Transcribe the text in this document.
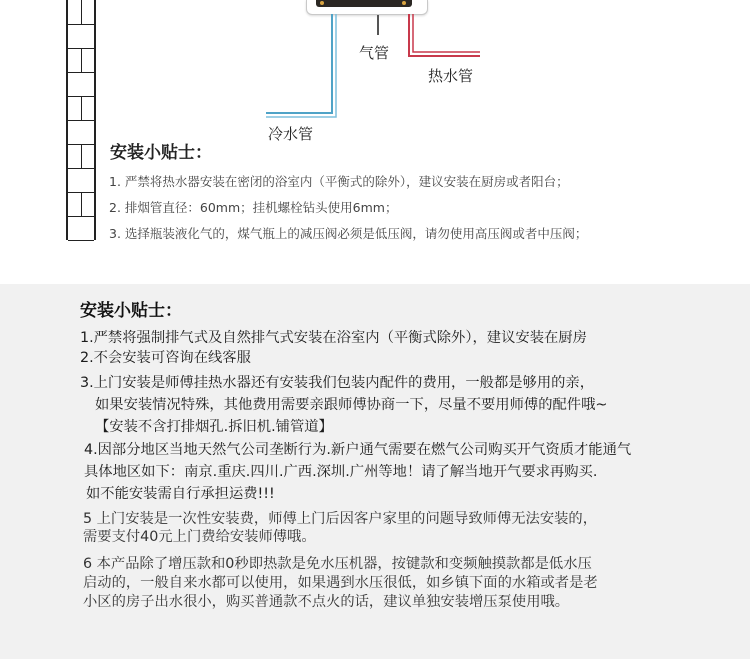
气管
热水管
冷水管
安装小贴士：
1. 严禁将热水器安装在密闭的浴室内（平衡式的除外），建议安装在厨房或者阳台；
2. 排烟管直径：60mm；挂机螺栓钻头使用6mm；
3. 选择瓶装液化气的，煤气瓶上的减压阀必须是低压阀，请勿使用高压阀或者中压阀；
安装小贴士：
1.严禁将强制排气式及自然排气式安装在浴室内（平衡式除外），建议安装在厨房
2.不会安装可咨询在线客服
3.上门安装是师傅挂热水器还有安装我们包装内配件的费用，一般都是够用的亲，
如果安装情况特殊，其他费用需要亲跟师傅协商一下，尽量不要用师傅的配件哦~
【安装不含打排烟孔.拆旧机.铺管道】
4.因部分地区当地天然气公司垄断行为.新户通气需要在燃气公司购买开气资质才能通气
具体地区如下：南京.重庆.四川.广西.深圳.广州等地！请了解当地开气要求再购买.
如不能安装需自行承担运费!!!
5 上门安装是一次性安装费，师傅上门后因客户家里的问题导致师傅无法安装的，
需要支付40元上门费给安装师傅哦。
6 本产品除了增压款和0秒即热款是免水压机器，按键款和变频触摸款都是低水压
启动的，一般自来水都可以使用，如果遇到水压很低，如乡镇下面的水箱或者是老
小区的房子出水很小，购买普通款不点火的话，建议单独安装增压泵使用哦。
